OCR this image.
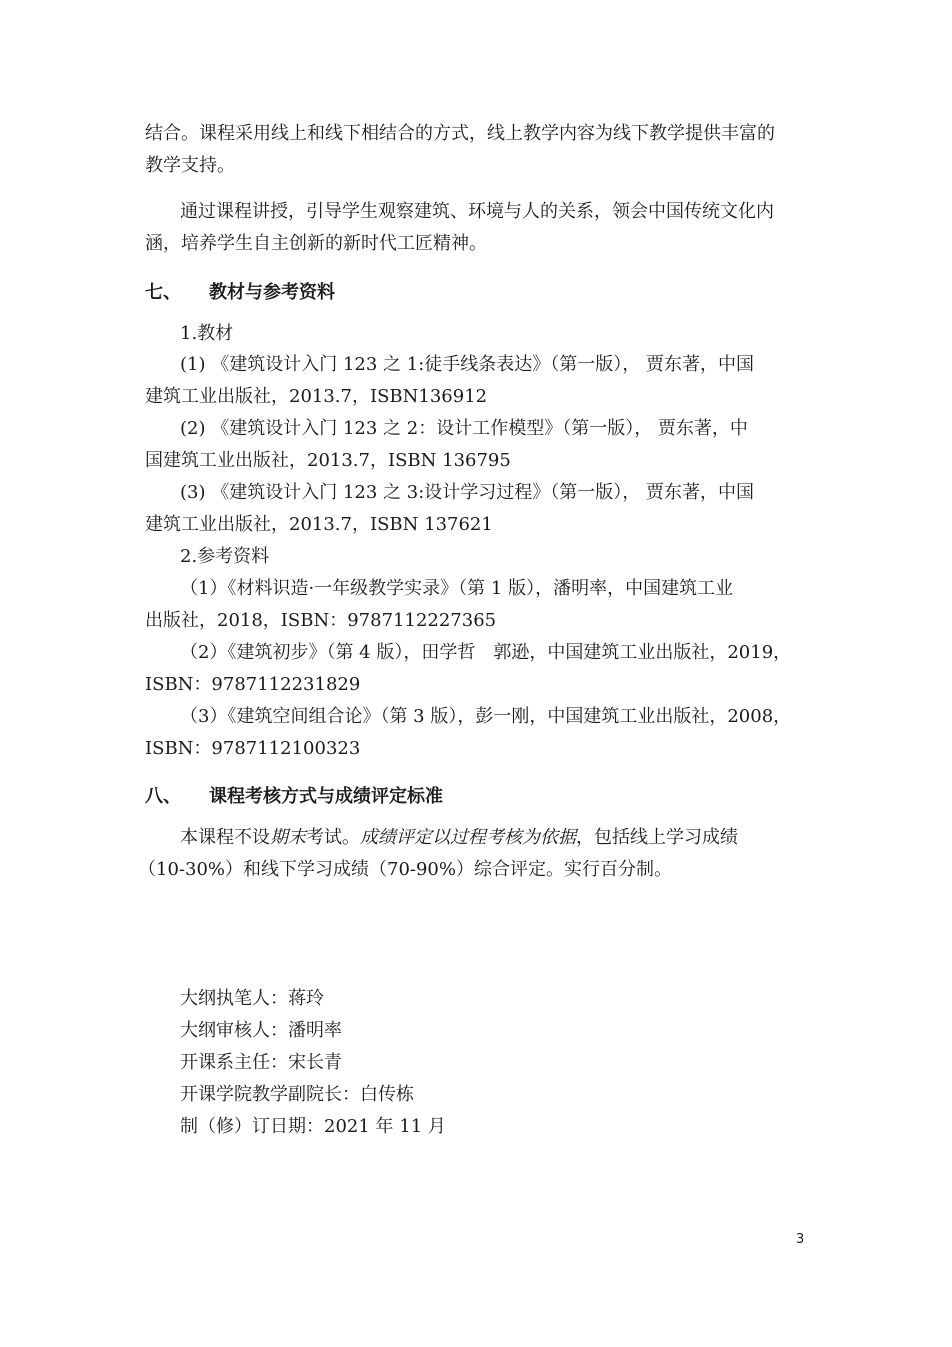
结合。课程采用线上和线下相结合的方式，线上教学内容为线下教学提供丰富的
教学支持。
通过课程讲授，引导学生观察建筑、环境与人的关系，领会中国传统文化内
涵，培养学生自主创新的新时代工匠精神。
七、 教材与参考资料
1.教材
(1) 《建筑设计入门 123 之 1:徒手线条表达》（第一版）， 贾东著，中国
建筑工业出版社，2013.7，ISBN136912
(2) 《建筑设计入门 123 之 2：设计工作模型》（第一版）， 贾东著，中
国建筑工业出版社，2013.7，ISBN 136795
(3) 《建筑设计入门 123 之 3:设计学习过程》（第一版）， 贾东著，中国
建筑工业出版社，2013.7，ISBN 137621
2.参考资料
（1）《材料识造·一年级教学实录》（第 1 版），潘明率，中国建筑工业
出版社，2018，ISBN：9787112227365
（2）《建筑初步》（第 4 版），田学哲　郭逊，中国建筑工业出版社，2019，
ISBN：9787112231829
（3）《建筑空间组合论》（第 3 版），彭一刚，中国建筑工业出版社，2008，
ISBN：9787112100323
八、 课程考核方式与成绩评定标准
本课程不设期末考试。成绩评定以过程考核为依据，包括线上学习成绩
（10-30%）和线下学习成绩（70-90%）综合评定。实行百分制。
大纲执笔人：蒋玲
大纲审核人：潘明率
开课系主任：宋长青
开课学院教学副院长：白传栋
制（修）订日期：2021 年 11 月
3
